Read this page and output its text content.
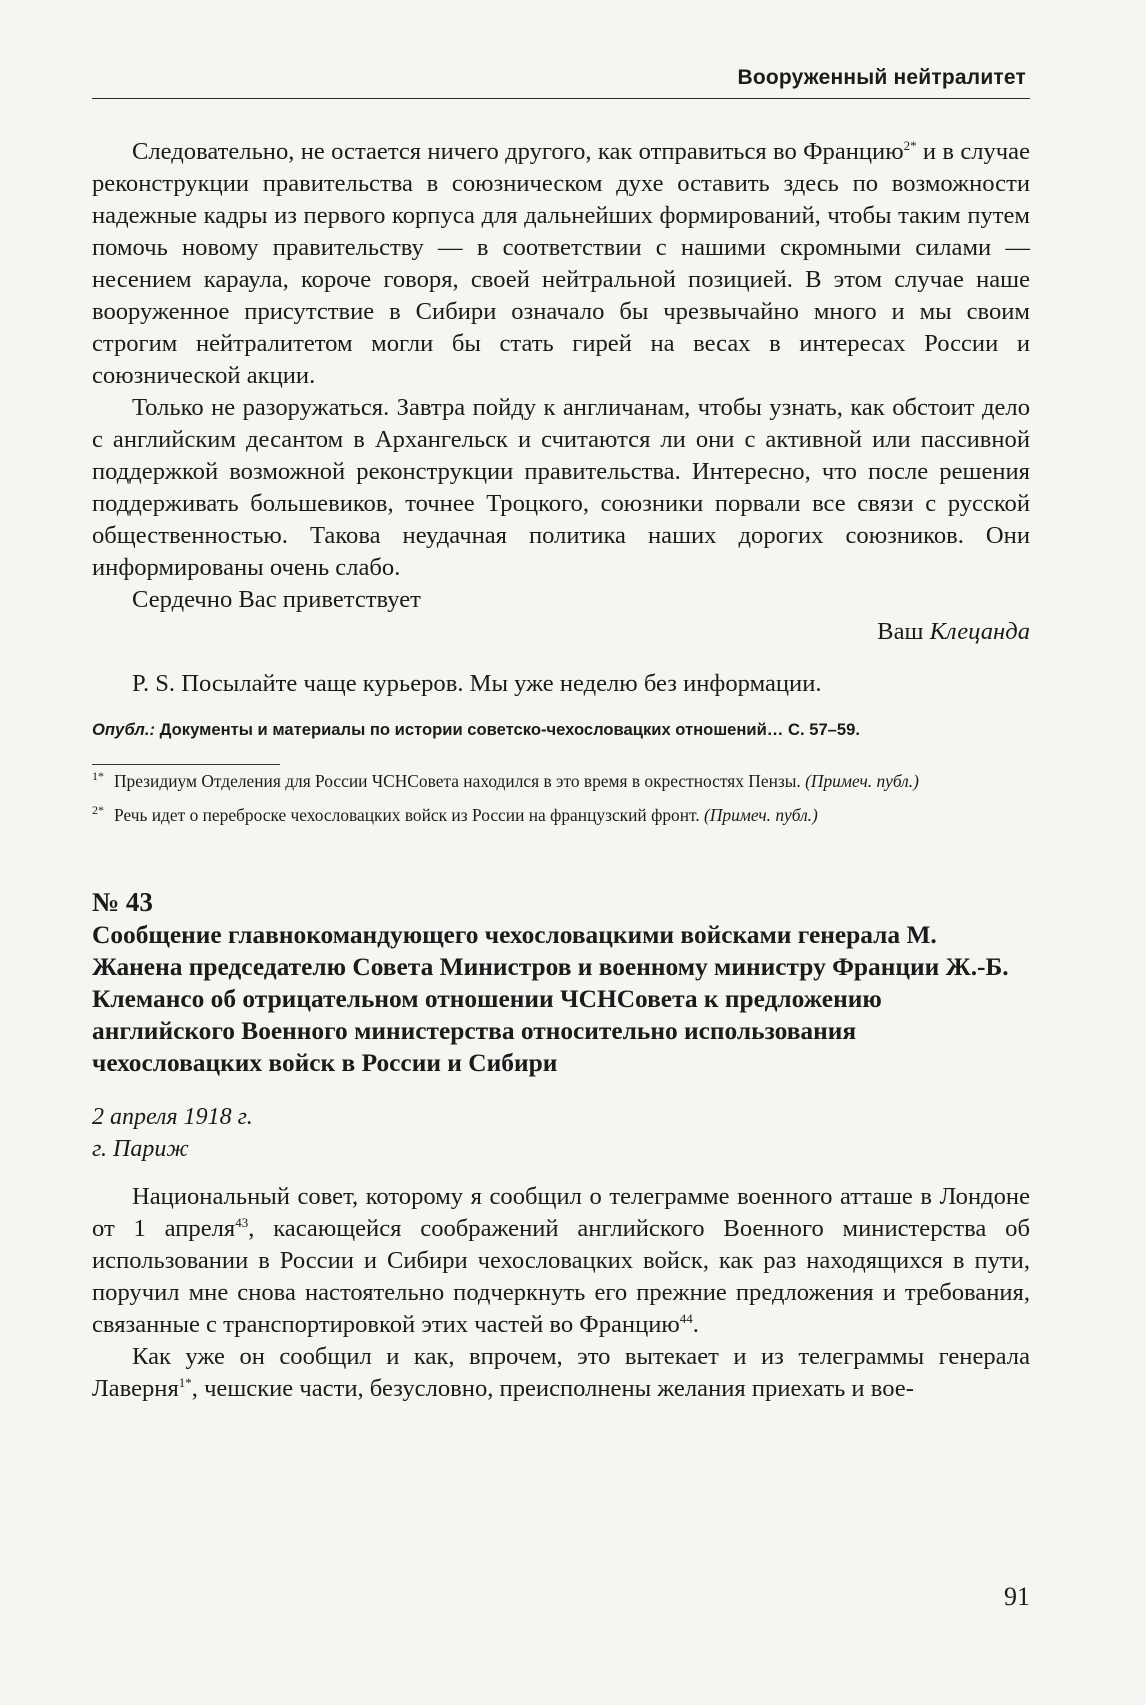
Вооруженный нейтралитет

Следовательно, не остается ничего другого, как отправиться во Францию$^{2*}$ и в случае реконструкции правительства в союзническом духе оставить здесь по возможности надежные кадры из первого корпуса для дальнейших формирований, чтобы таким путем помочь новому правительству — в соответствии с нашими скромными силами — несением караула, короче говоря, своей нейтральной позицией. В этом случае наше вооруженное присутствие в Сибири означало бы чрезвычайно много и мы своим строгим нейтралитетом могли бы стать гирей на весах в интересах России и союзнической акции.

Только не разоружаться. Завтра пойду к англичанам, чтобы узнать, как обстоит дело с английским десантом в Архангельск и считаются ли они с активной или пассивной поддержкой возможной реконструкции правительства. Интересно, что после решения поддерживать большевиков, точнее Троцкого, союзники порвали все связи с русской общественностью. Такова неудачная политика наших дорогих союзников. Они информированы очень слабо.

Сердечно Вас приветствует

Ваш Клецанда

P. S. Посылайте чаще курьеров. Мы уже неделю без информации.

Опубл.: Документы и материалы по истории советско-чехословацких отношений… С. 57–59.

1* Президиум Отделения для России ЧСНСовета находился в это время в окрестностях Пензы. (Примеч. публ.)
2* Речь идет о переброске чехословацких войск из России на французский фронт. (Примеч. публ.)
№ 43
Сообщение главнокомандующего чехословацкими войсками генерала М. Жанена председателю Совета Министров и военному министру Франции Ж.-Б. Клемансо об отрицательном отношении ЧСНСовета к предложению английского Военного министерства относительно использования чехословацких войск в России и Сибири
2 апреля 1918 г.
г. Париж

Национальный совет, которому я сообщил о телеграмме военного атташе в Лондоне от 1 апреля$^{43}$, касающейся соображений английского Военного министерства об использовании в России и Сибири чехословацких войск, как раз находящихся в пути, поручил мне снова настоятельно подчеркнуть его прежние предложения и требования, связанные с транспортировкой этих частей во Францию$^{44}$.

Как уже он сообщил и как, впрочем, это вытекает и из телеграммы генерала Лаверня$^{1*}$, чешские части, безусловно, преисполнены желания приехать и вое-

91
